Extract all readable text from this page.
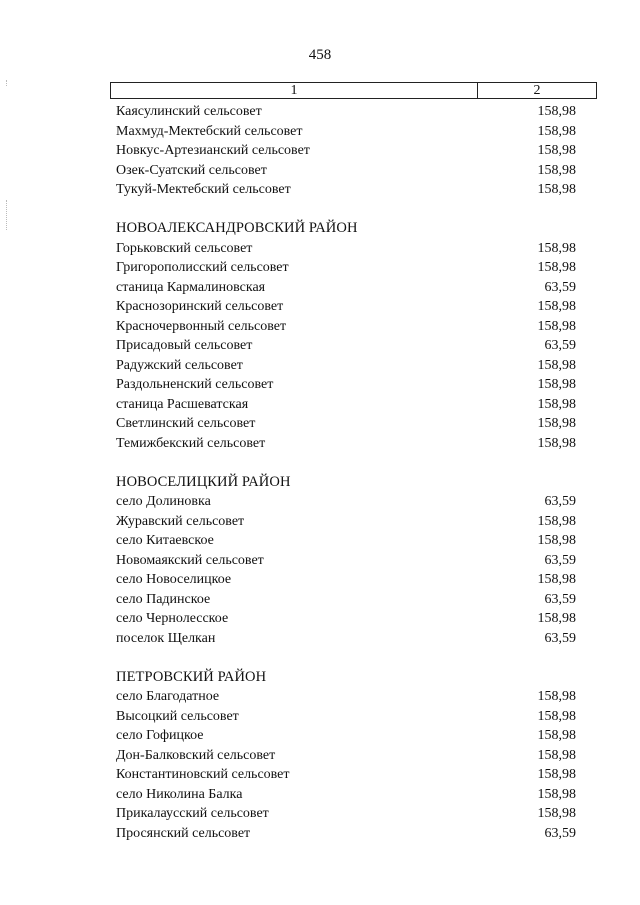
458
1	2
Каясулинский сельсовет	158,98
Махмуд-Мектебский сельсовет	158,98
Новкус-Артезианский сельсовет	158,98
Озек-Суатский сельсовет	158,98
Тукуй-Мектебский сельсовет	158,98
НОВОАЛЕКСАНДРОВСКИЙ РАЙОН
Горьковский сельсовет	158,98
Григорополисский сельсовет	158,98
станица Кармалиновская	63,59
Краснозоринский сельсовет	158,98
Красночервонный сельсовет	158,98
Присадовый сельсовет	63,59
Радужский сельсовет	158,98
Раздольненский сельсовет	158,98
станица Расшеватская	158,98
Светлинский сельсовет	158,98
Темижбекский сельсовет	158,98
НОВОСЕЛИЦКИЙ РАЙОН
село Долиновка	63,59
Журавский сельсовет	158,98
село Китаевское	158,98
Новомаякский сельсовет	63,59
село Новоселицкое	158,98
село Падинское	63,59
село Чернолесское	158,98
поселок Щелкан	63,59
ПЕТРОВСКИЙ РАЙОН
село Благодатное	158,98
Высоцкий сельсовет	158,98
село Гофицкое	158,98
Дон-Балковский сельсовет	158,98
Константиновский сельсовет	158,98
село Николина Балка	158,98
Прикалаусский сельсовет	158,98
Просянский сельсовет	63,59
